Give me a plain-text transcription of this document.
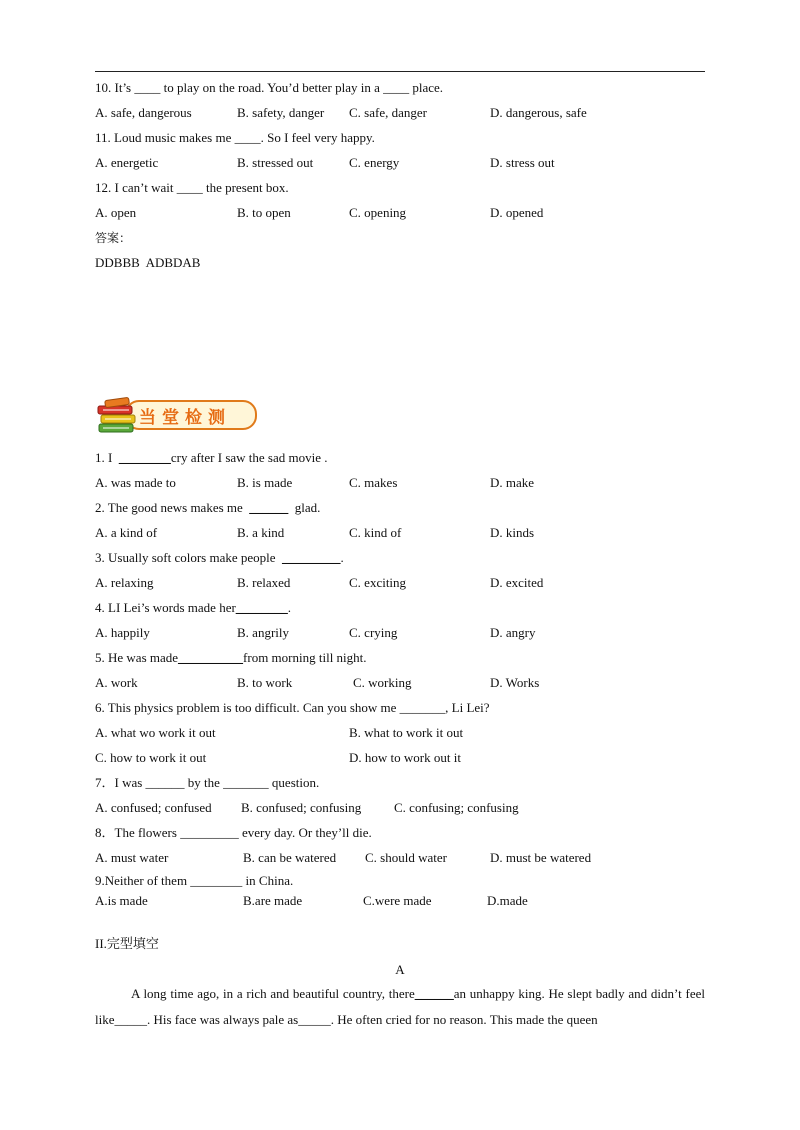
10. It’s ____ to play on the road. You’d better play in a ____ place.
A. safe, dangerous	B. safety, danger C. safe, danger	D. dangerous, safe
11. Loud music makes me ____. So I feel very happy.
A. energetic	B. stressed out	C. energy	D. stress out
12. I can’t wait ____ the present box.
A. open	B. to open	C. opening	D. opened
答案：
DDBBB  ADBDAB
当堂检测
1. I  ________cry after I saw the sad movie .
A. was made to	B. is made	C. makes	D. make
2. The good news makes me  ______  glad.
A. a kind of	B. a kind	C. kind of	D. kinds
3. Usually soft colors make people  _________.
A. relaxing	B. relaxed	C. exciting	D. excited
4. LI Lei’s words made her________.
A. happily	B. angrily	C. crying	D. angry
5. He was made__________from morning till night.
A. work	B. to work	C. working	D. Works
6. This physics problem is too difficult. Can you show me _______, Li Lei?
A. what wo work it out	B. what to work it out
C. how to work it out	D. how to work out it
7．I was ______ by the _______ question.
A. confused; confused B. confused; confusing	C. confusing; confusing
8．The flowers _________ every day. Or they’ll die.
A. must water	B. can be watered C. should water	D. must be watered
9.Neither of them ________ in China.
A.is made	B.are made	C.were made	D.made
II.完型填空
A
A long time ago, in a rich and beautiful country, there______an unhappy king. He slept badly and didn’t feel like_____. His face was always pale as_____. He often cried for no reason. This made the queen
